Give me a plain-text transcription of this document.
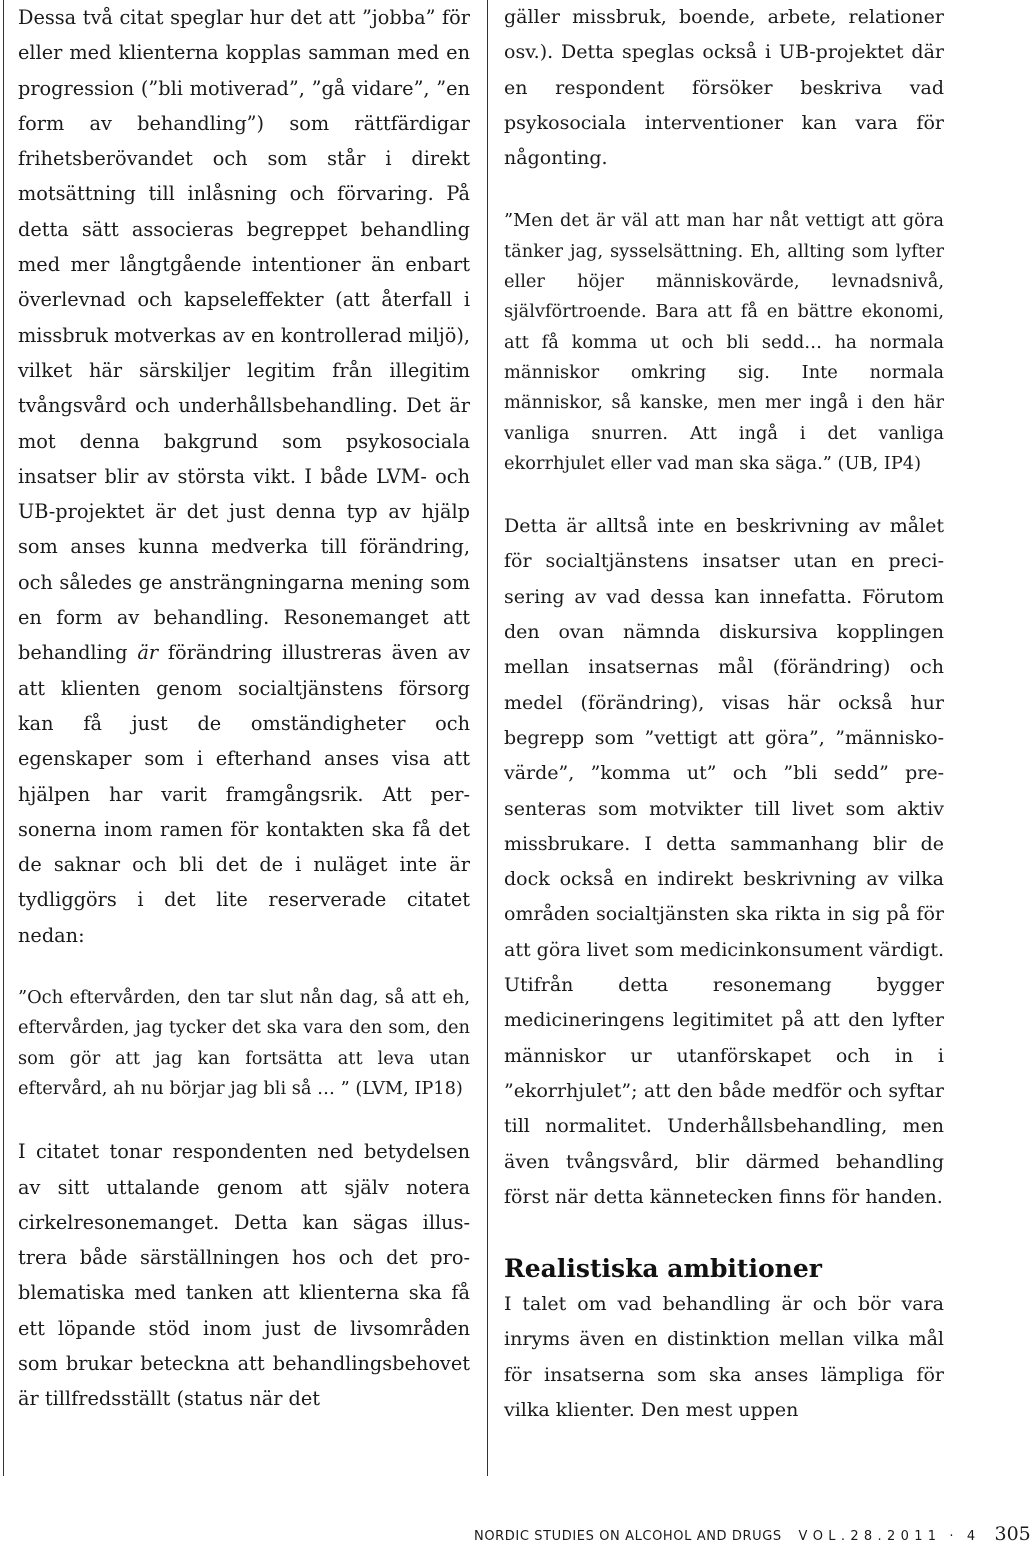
Dessa två citat speglar hur det att ”jobba” för eller med klienterna kopplas samman med en progression (”bli motiverad”, ”gå vidare”, ”en form av behandling”) som rättfärdigar frihetsberövandet och som står i direkt motsättning till inlåsning och förvaring. På detta sätt associeras begreppet behandling med mer långtgående intentioner än enbart överlevnad och kapseleffekter (att återfall i missbruk motverkas av en kontrollerad miljö), vilket här särskiljer legitim från illegitim tvångsvård och underhållsbehandling. Det är mot denna bakgrund som psykosociala insatser blir av största vikt. I både LVM- och UB-projektet är det just denna typ av hjälp som anses kunna medverka till förändring, och således ge ansträngningarna mening som en form av behandling. Resonemanget att behandling är förändring illustreras även av att klienten genom socialtjänstens försorg kan få just de omständigheter och egenskaper som i efterhand anses visa att hjälpen har varit framgångsrik. Att personerna inom ramen för kontakten ska få det de saknar och bli det de i nuläget inte är tydliggörs i det lite reserverade citatet nedan:

”Och eftervården, den tar slut nån dag, så att eh, eftervården, jag tycker det ska vara den som, den som gör att jag kan fortsätta att leva utan eftervård, ah nu börjar jag bli så … ” (LVM, IP18)

I citatet tonar respondenten ned betydelsen av sitt uttalande genom att själv notera cirkelresonemanget. Detta kan sägas illustrera både särställningen hos och det problematiska med tanken att klienterna ska få ett löpande stöd inom just de livsområden som brukar beteckna att behandlingsbehovet är tillfredsställt (status när det

gäller missbruk, boende, arbete, relationer osv.). Detta speglas också i UB-projektet där en respondent försöker beskriva vad psykosociala interventioner kan vara för någonting.

”Men det är väl att man har nåt vettigt att göra tänker jag, sysselsättning. Eh, allting som lyfter eller höjer människovärde, levnadsnivå, självförtroende. Bara att få en bättre ekonomi, att få komma ut och bli sedd… ha normala människor omkring sig. Inte normala människor, så kanske, men mer ingå i den här vanliga snurren. Att ingå i det vanliga ekorrhjulet eller vad man ska säga.” (UB, IP4)

Detta är alltså inte en beskrivning av målet för socialtjänstens insatser utan en precisering av vad dessa kan innefatta. Förutom den ovan nämnda diskursiva kopplingen mellan insatsernas mål (förändring) och medel (förändring), visas här också hur begrepp som ”vettigt att göra”, ”människovärde”, ”komma ut” och ”bli sedd” presenteras som motvikter till livet som aktiv missbrukare. I detta sammanhang blir de dock också en indirekt beskrivning av vilka områden socialtjänsten ska rikta in sig på för att göra livet som medicinkonsument värdigt. Utifrån detta resonemang bygger medicineringens legitimitet på att den lyfter människor ur utanförskapet och in i ”ekorrhjulet”; att den både medför och syftar till normalitet. Underhållsbehandling, men även tvångsvård, blir därmed behandling först när detta kännetecken finns för handen.

Realistiska ambitioner

I talet om vad behandling är och bör vara inryms även en distinktion mellan vilka mål för insatserna som ska anses lämpliga för vilka klienter. Den mest uppen

NORDIC STUDIES ON ALCOHOL AND DRUGS V O L . 2 8 . 2 0 1 1 · 4 305
